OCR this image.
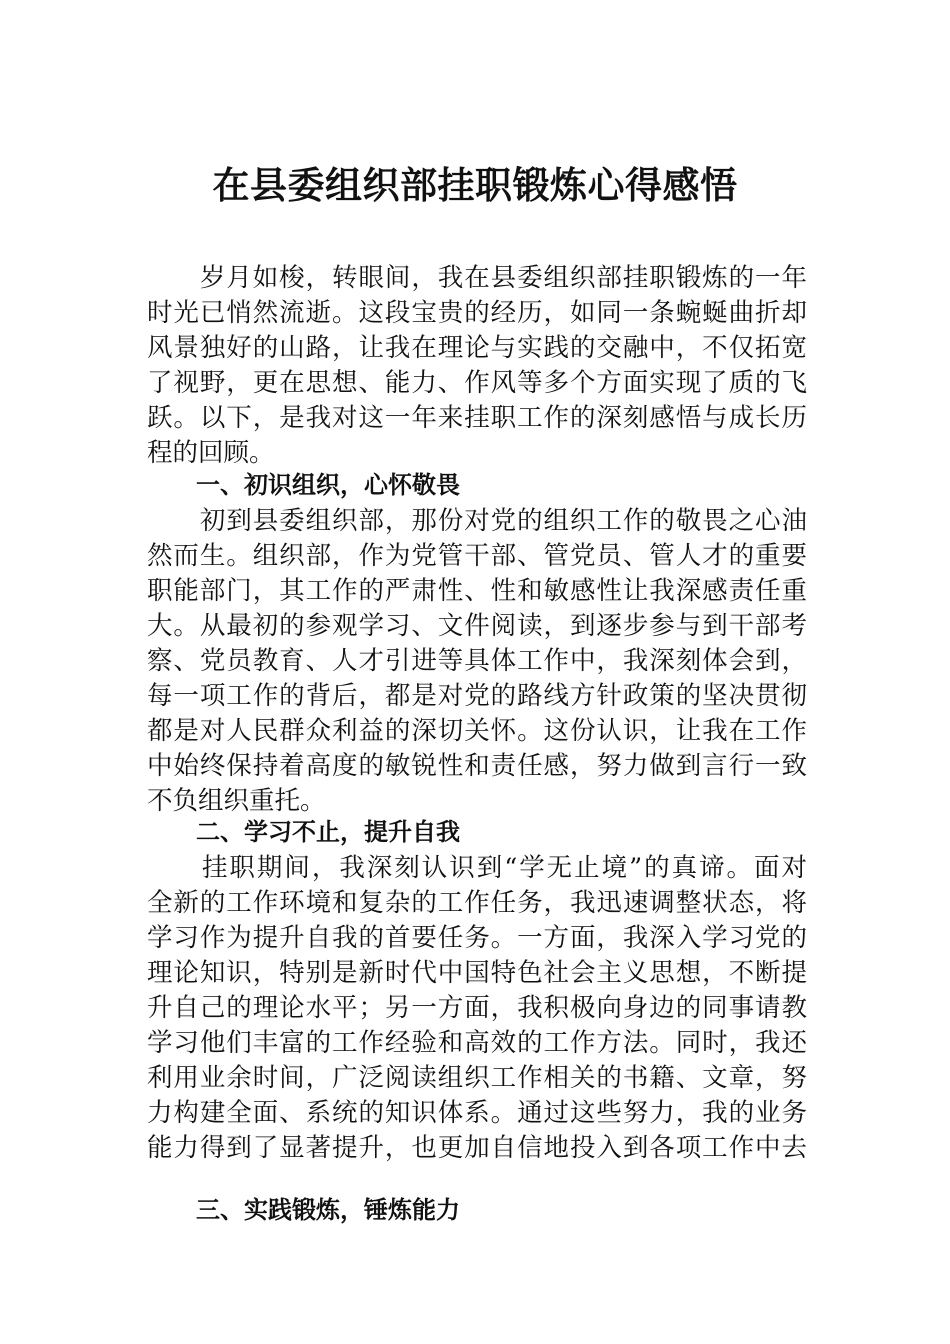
在县委组织部挂职锻炼心得感悟
　　岁月如梭，转眼间，我在县委组织部挂职锻炼的一年
时光已悄然流逝。这段宝贵的经历，如同一条蜿蜒曲折却
风景独好的山路，让我在理论与实践的交融中，不仅拓宽
了视野，更在思想、能力、作风等多个方面实现了质的飞
跃。以下，是我对这一年来挂职工作的深刻感悟与成长历
程的回顾。
一、初识组织，心怀敬畏
　　初到县委组织部，那份对党的组织工作的敬畏之心油
然而生。组织部，作为党管干部、管党员、管人才的重要
职能部门，其工作的严肃性、性和敏感性让我深感责任重
大。从最初的参观学习、文件阅读，到逐步参与到干部考
察、党员教育、人才引进等具体工作中，我深刻体会到，
每一项工作的背后，都是对党的路线方针政策的坚决贯彻
都是对人民群众利益的深切关怀。这份认识，让我在工作
中始终保持着高度的敏锐性和责任感，努力做到言行一致
不负组织重托。
二、学习不止，提升自我
　　挂职期间，我深刻认识到“学无止境”的真谛。面对
全新的工作环境和复杂的工作任务，我迅速调整状态，将
学习作为提升自我的首要任务。一方面，我深入学习党的
理论知识，特别是新时代中国特色社会主义思想，不断提
升自己的理论水平；另一方面，我积极向身边的同事请教
学习他们丰富的工作经验和高效的工作方法。同时，我还
利用业余时间，广泛阅读组织工作相关的书籍、文章，努
力构建全面、系统的知识体系。通过这些努力，我的业务
能力得到了显著提升，也更加自信地投入到各项工作中去
三、实践锻炼，锤炼能力
